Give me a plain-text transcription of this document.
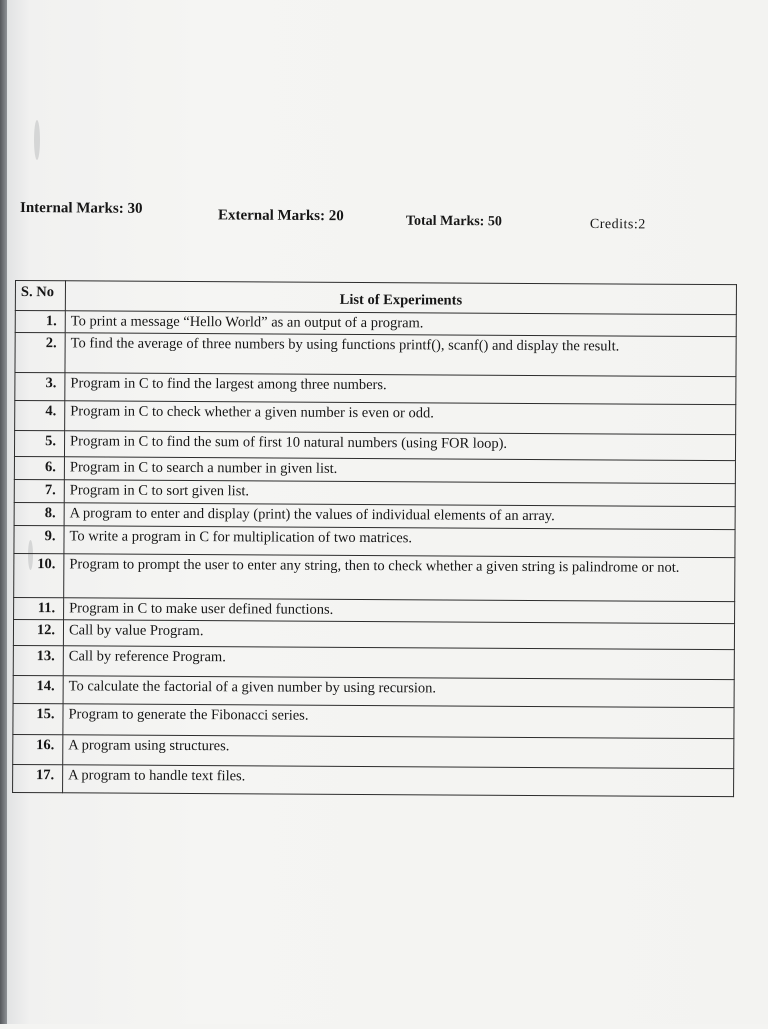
Internal Marks: 30	External Marks: 20	Total Marks: 50	Credits:2
S. No	List of Experiments
1.	To print a message “Hello World” as an output of a program.
2.	To find the average of three numbers by using functions printf(), scanf() and display the result.
3.	Program in C to find the largest among three numbers.
4.	Program in C to check whether a given number is even or odd.
5.	Program in C to find the sum of first 10 natural numbers (using FOR loop).
6.	Program in C to search a number in given list.
7.	Program in C to sort given list.
8.	A program to enter and display (print) the values of individual elements of an array.
9.	To write a program in C for multiplication of two matrices.
10.	Program to prompt the user to enter any string, then to check whether a given string is palindrome or not.
11.	Program in C to make user defined functions.
12.	Call by value Program.
13.	Call by reference Program.
14.	To calculate the factorial of a given number by using recursion.
15.	Program to generate the Fibonacci series.
16.	A program using structures.
17.	A program to handle text files.
